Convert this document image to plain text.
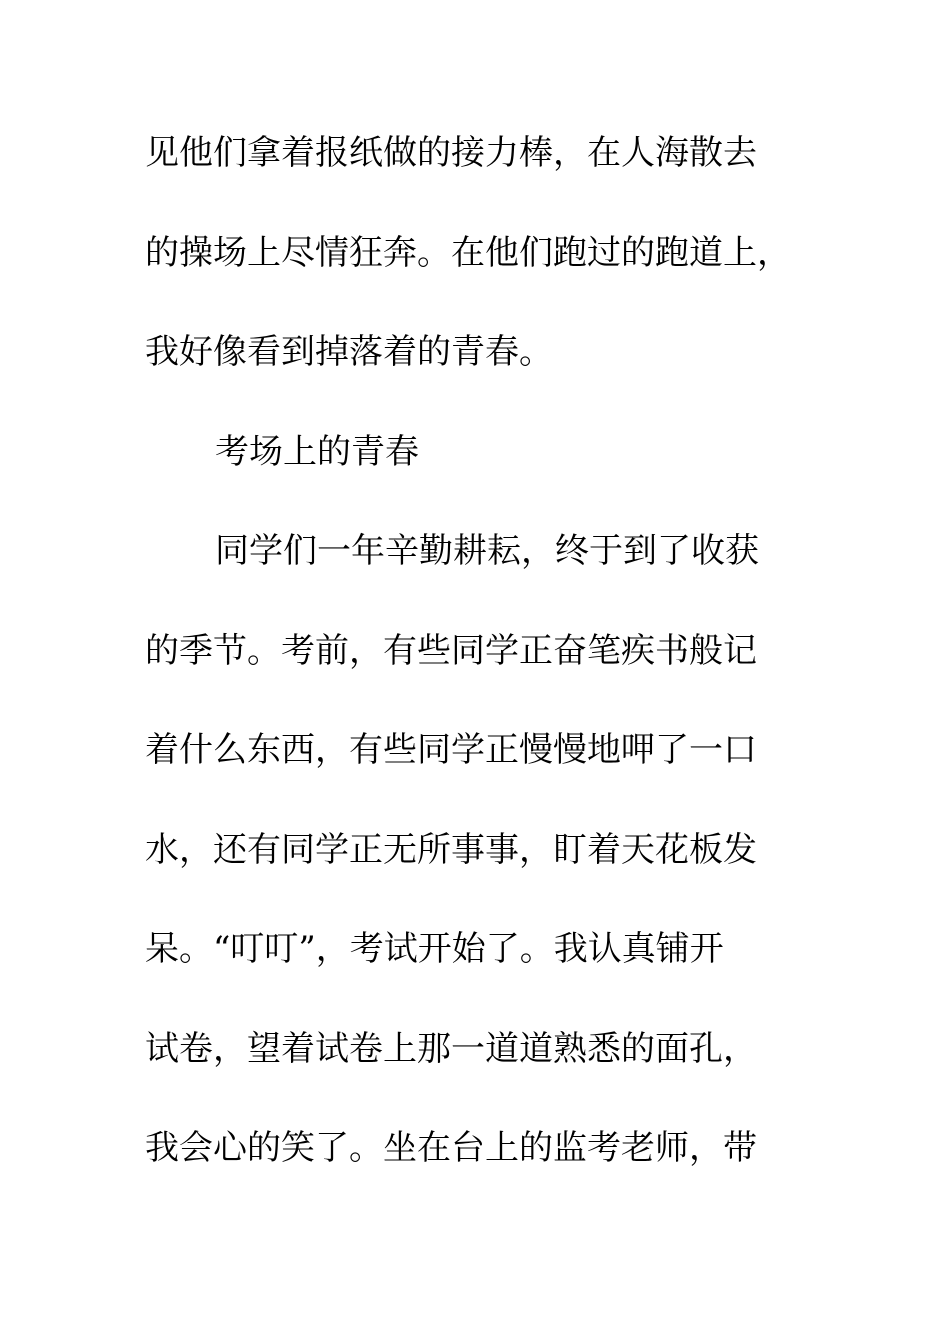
见他们拿着报纸做的接力棒，在人海散去
的操场上尽情狂奔。在他们跑过的跑道上，
我好像看到掉落着的青春。
考场上的青春
同学们一年辛勤耕耘，终于到了收获
的季节。考前，有些同学正奋笔疾书般记
着什么东西，有些同学正慢慢地呷了一口
水，还有同学正无所事事，盯着天花板发
呆。“叮叮”，考试开始了。我认真铺开
试卷，望着试卷上那一道道熟悉的面孔，
我会心的笑了。坐在台上的监考老师，带
